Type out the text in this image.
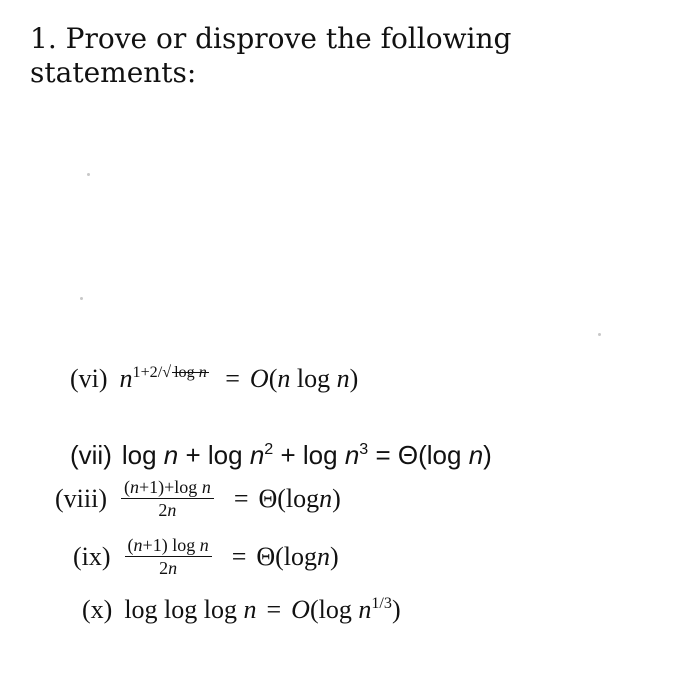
1. Prove or disprove the following statements:
(vi) $n^{1+2/ √ log n} = O(n$ log n)
(vii) $\log n + \log n^2 + \log n^3 = \Theta(\log$ n)
(viii) $\frac{\text{(n+1)+log n}}{2n} = \Theta(\log$ n )
$(ix) \frac{\text{(n+1) log n}}{2n} = \Theta(\log$ n )
(x) log log log n = O(log $n^{1/3}$)
